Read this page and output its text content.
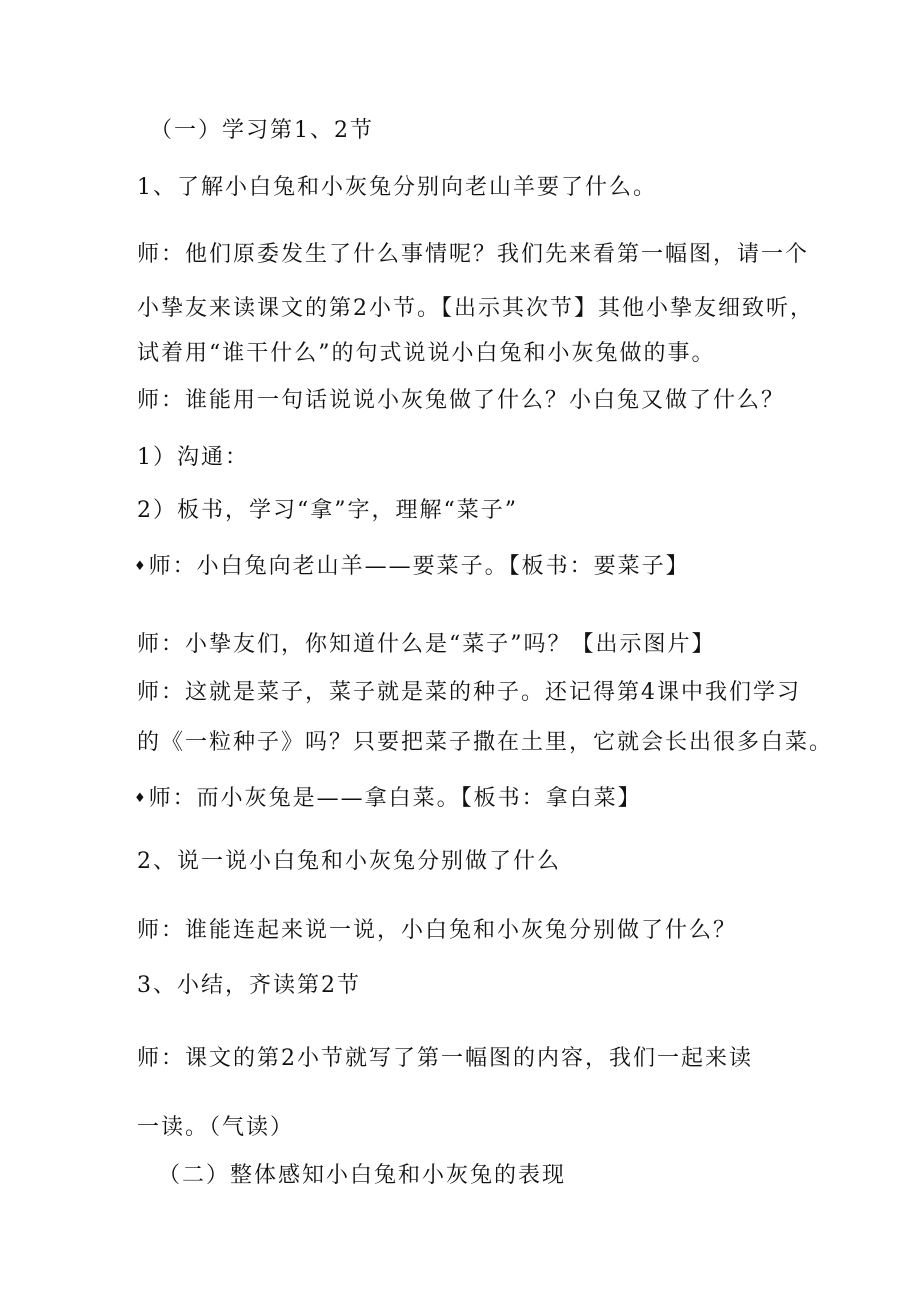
（一）学习第1、2节
1、了解小白兔和小灰兔分别向老山羊要了什么。
师：他们原委发生了什么事情呢？我们先来看第一幅图，请一个
小挚友来读课文的第2小节。【出示其次节】其他小挚友细致听，
试着用“谁干什么”的句式说说小白兔和小灰兔做的事。
师：谁能用一句话说说小灰兔做了什么？小白兔又做了什么？
1）沟通：
2）板书，学习“拿”字，理解“菜子”
♦师：小白兔向老山羊——要菜子。【板书：要菜子】
师：小挚友们，你知道什么是“菜子”吗？【出示图片】
师：这就是菜子，菜子就是菜的种子。还记得第4课中我们学习
的《一粒种子》吗？只要把菜子撒在土里，它就会长出很多白菜。
♦师：而小灰兔是——拿白菜。【板书：拿白菜】
2、说一说小白兔和小灰兔分别做了什么
师：谁能连起来说一说，小白兔和小灰兔分别做了什么？
3、小结，齐读第2节
师：课文的第2小节就写了第一幅图的内容，我们一起来读
一读。（气读）
（二）整体感知小白兔和小灰兔的表现
